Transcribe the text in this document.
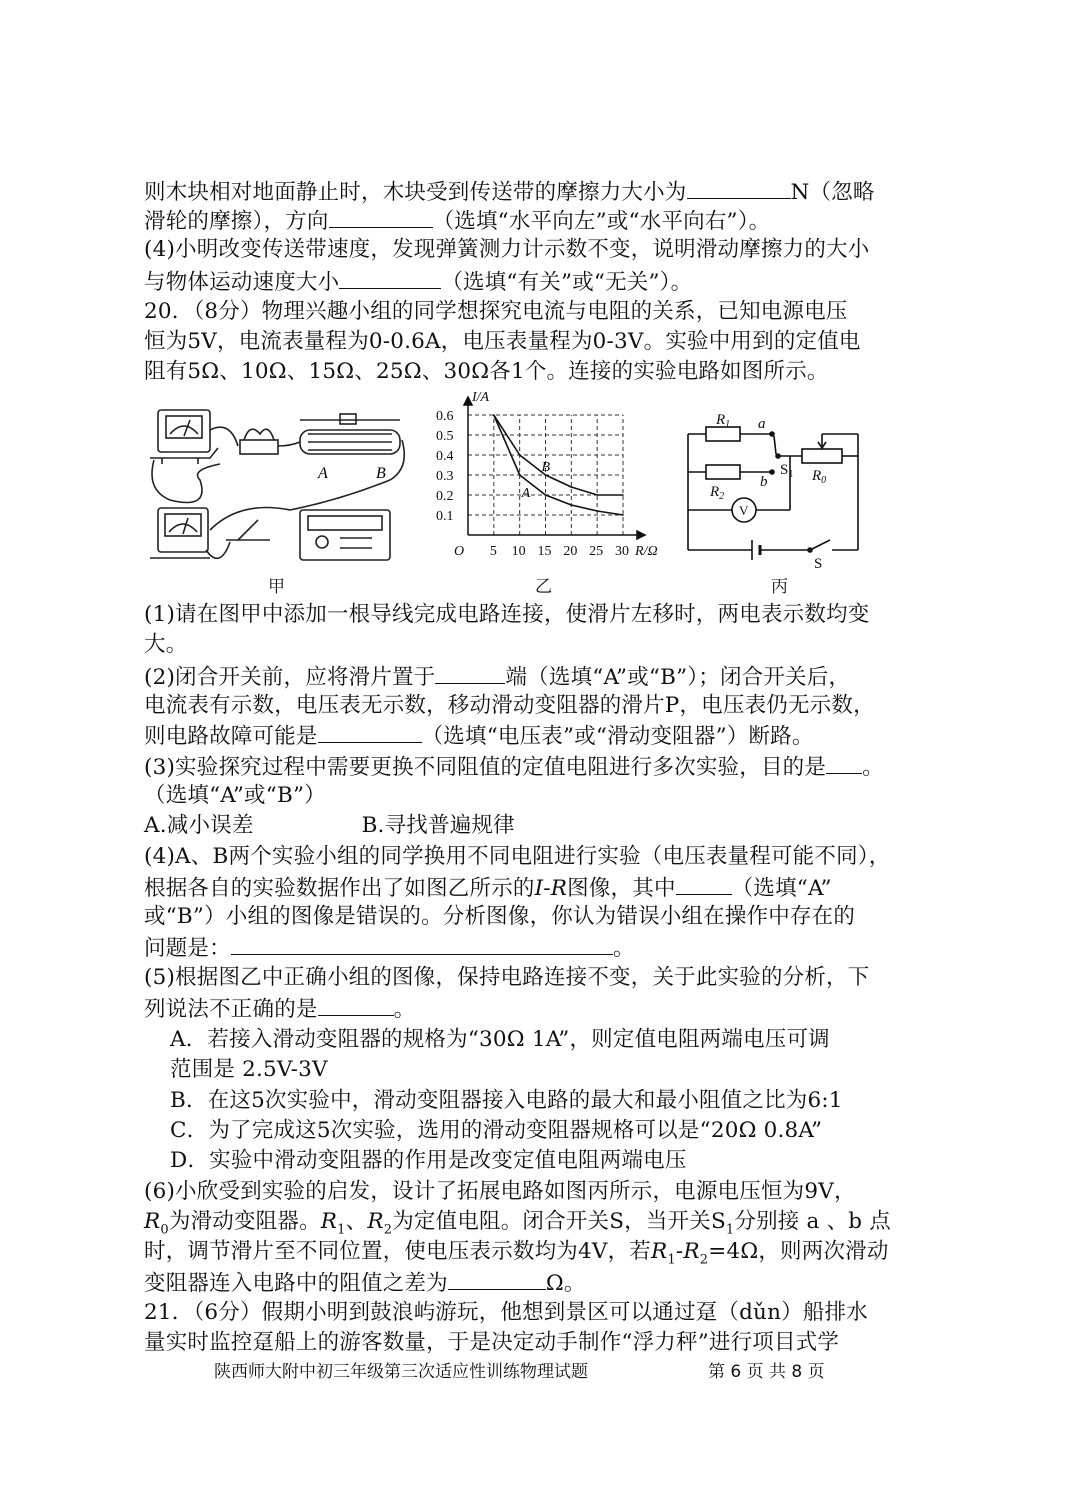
则木块相对地面静止时，木块受到传送带的摩擦力大小为	N（忽略
滑轮的摩擦），方向	（选填“水平向左”或“水平向右”）。
(4)小明改变传送带速度，发现弹簧测力计示数不变，说明滑动摩擦力的大小
与物体运动速度大小	（选填“有关”或“无关”）。
20．（8分）物理兴趣小组的同学想探究电流与电阻的关系，已知电源电压
恒为5V，电流表量程为0-0.6A，电压表量程为0-3V。实验中用到的定值电
阻有5Ω、10Ω、15Ω、25Ω、30Ω各1个。连接的实验电路如图所示。
A	B
0.1
0.2
0.3
0.4
0.5
0.6
O 5 10 15 20 25 30 R/Ω
I/A
A
B
$R_1$ a
$R_2$
b
$S_1$ $R_0$
V
S
甲	乙	丙
(1)请在图甲中添加一根导线完成电路连接，使滑片左移时，两电表示数均变
大。
(2)闭合开关前，应将滑片置于	端（选填“A”或“B”）；闭合开关后，
电流表有示数，电压表无示数，移动滑动变阻器的滑片P，电压表仍无示数，
则电路故障可能是	（选填“电压表”或“滑动变阻器”）断路。
(3)实验探究过程中需要更换不同阻值的定值电阻进行多次实验，目的是 。
（选填“A”或“B”）
A.减小误差	B.寻找普遍规律
(4)A、B两个实验小组的同学换用不同电阻进行实验（电压表量程可能不同），
根据各自的实验数据作出了如图乙所示的I-R图像，其中	（选填“A”
或“B”）小组的图像是错误的。分析图像，你认为错误小组在操作中存在的
问题是：	。
(5)根据图乙中正确小组的图像，保持电路连接不变，关于此实验的分析，下
列说法不正确的是	。
A．若接入滑动变阻器的规格为“30Ω 1A”，则定值电阻两端电压可调
范围是 2.5V-3V
B．在这5次实验中，滑动变阻器接入电路的最大和最小阻值之比为6:1
C．为了完成这5次实验，选用的滑动变阻器规格可以是“20Ω 0.8A”
D．实验中滑动变阻器的作用是改变定值电阻两端电压
(6)小欣受到实验的启发，设计了拓展电路如图丙所示，电源电压恒为9V，
$R_0$为滑动变阻器。$R_1$、$R_2$为定值电阻。闭合开关S，当开关$S_1$分别接 a 、b 点
时，调节滑片至不同位置，使电压表示数均为4V，若$R_1-R_2=4\Omega$，则两次滑动
变阻器连入电路中的阻值之差为	Ω。
21．（6分）假期小明到鼓浪屿游玩，他想到景区可以通过趸（dǔn）船排水
量实时监控趸船上的游客数量，于是决定动手制作“浮力秤”进行项目式学
陕西师大附中初三年级第三次适应性训练物理试题	第 6 页 共 8 页
